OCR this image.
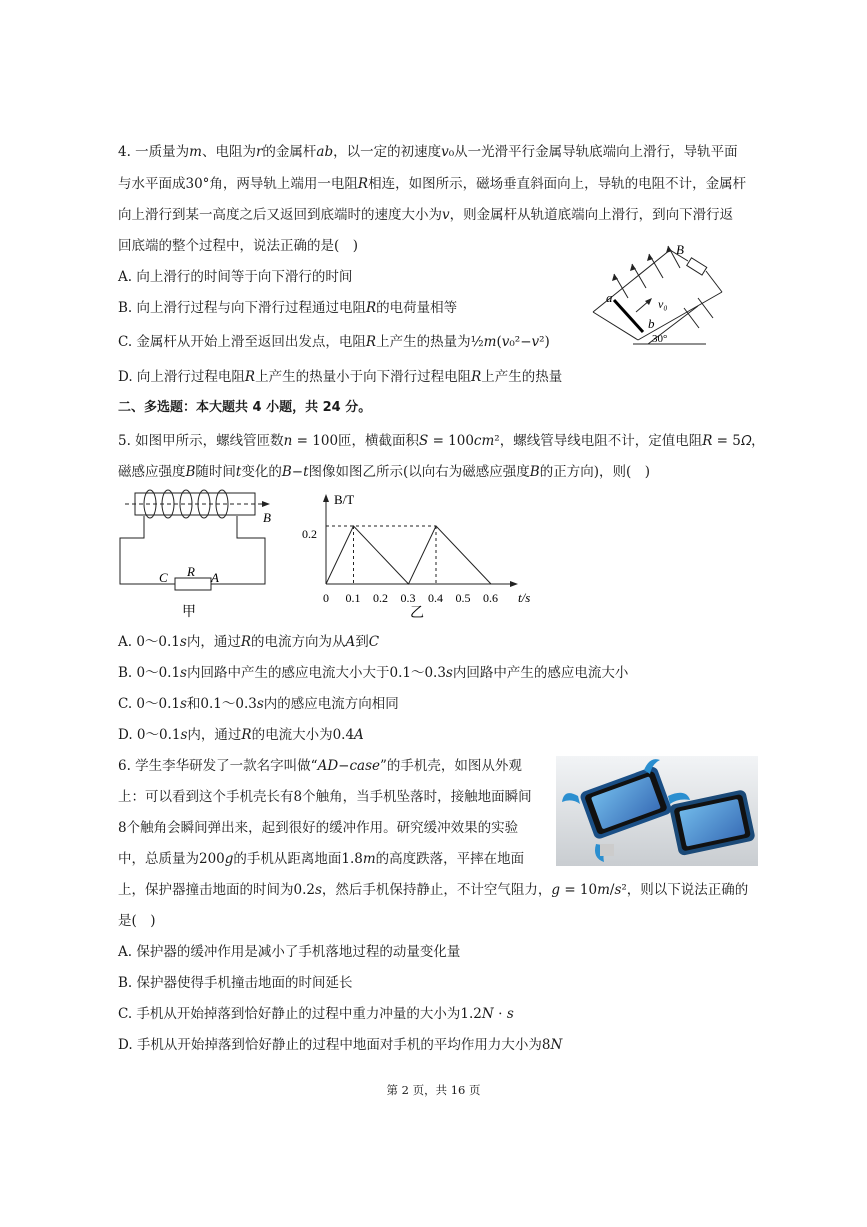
4. 一质量为𝑚、电阻为𝑟的金属杆𝑎𝑏，以一定的初速度𝑣₀从一光滑平行金属导轨底端向上滑行，导轨平面
与水平面成30°角，两导轨上端用一电阻𝑅相连，如图所示，磁场垂直斜面向上，导轨的电阻不计，金属杆
向上滑行到某一高度之后又返回到底端时的速度大小为𝑣，则金属杆从轨道底端向上滑行，到向下滑行返
回底端的整个过程中，说法正确的是(　)
A. 向上滑行的时间等于向下滑行的时间
B. 向上滑行过程与向下滑行过程通过电阻𝑅的电荷量相等
C. 金属杆从开始上滑至返回出发点，电阻𝑅上产生的热量为½𝑚(𝑣₀²−𝑣²)
D. 向上滑行过程电阻𝑅上产生的热量小于向下滑行过程电阻𝑅上产生的热量
B
a
b
v₀
30°
二、多选题：本大题共 4 小题，共 24 分。
5. 如图甲所示，螺线管匝数𝑛 = 100匝，横截面积𝑆 = 100𝑐𝑚²，螺线管导线电阻不计，定值电阻𝑅 = 5𝛺，
磁感应强度𝐵随时间𝑡变化的𝐵−𝑡图像如图乙所示(以向右为磁感应强度𝐵的正方向)，则(　)
B
C R A
甲
B/T
0.2
0 0.1 0.2 0.3 0.4 0.5 0.6 t/s
乙
A. 0～0.1𝑠内，通过𝑅的电流方向为从𝐴到𝐶
B. 0～0.1𝑠内回路中产生的感应电流大小大于0.1～0.3𝑠内回路中产生的感应电流大小
C. 0～0.1𝑠和0.1～0.3𝑠内的感应电流方向相同
D. 0～0.1𝑠内，通过𝑅的电流大小为0.4𝐴
6. 学生李华研发了一款名字叫做“𝐴𝐷−𝑐𝑎𝑠𝑒”的手机壳，如图从外观
上：可以看到这个手机壳长有8个触角，当手机坠落时，接触地面瞬间
8个触角会瞬间弹出来，起到很好的缓冲作用。研究缓冲效果的实验
中，总质量为200𝑔的手机从距离地面1.8𝑚的高度跌落，平摔在地面
上，保护器撞击地面的时间为0.2𝑠，然后手机保持静止，不计空气阻力，𝑔 = 10𝑚/𝑠²，则以下说法正确的
是(　)
A. 保护器的缓冲作用是减小了手机落地过程的动量变化量
B. 保护器使得手机撞击地面的时间延长
C. 手机从开始掉落到恰好静止的过程中重力冲量的大小为1.2𝑁 ⋅ 𝑠
D. 手机从开始掉落到恰好静止的过程中地面对手机的平均作用力大小为8𝑁
第 2 页，共 16 页
